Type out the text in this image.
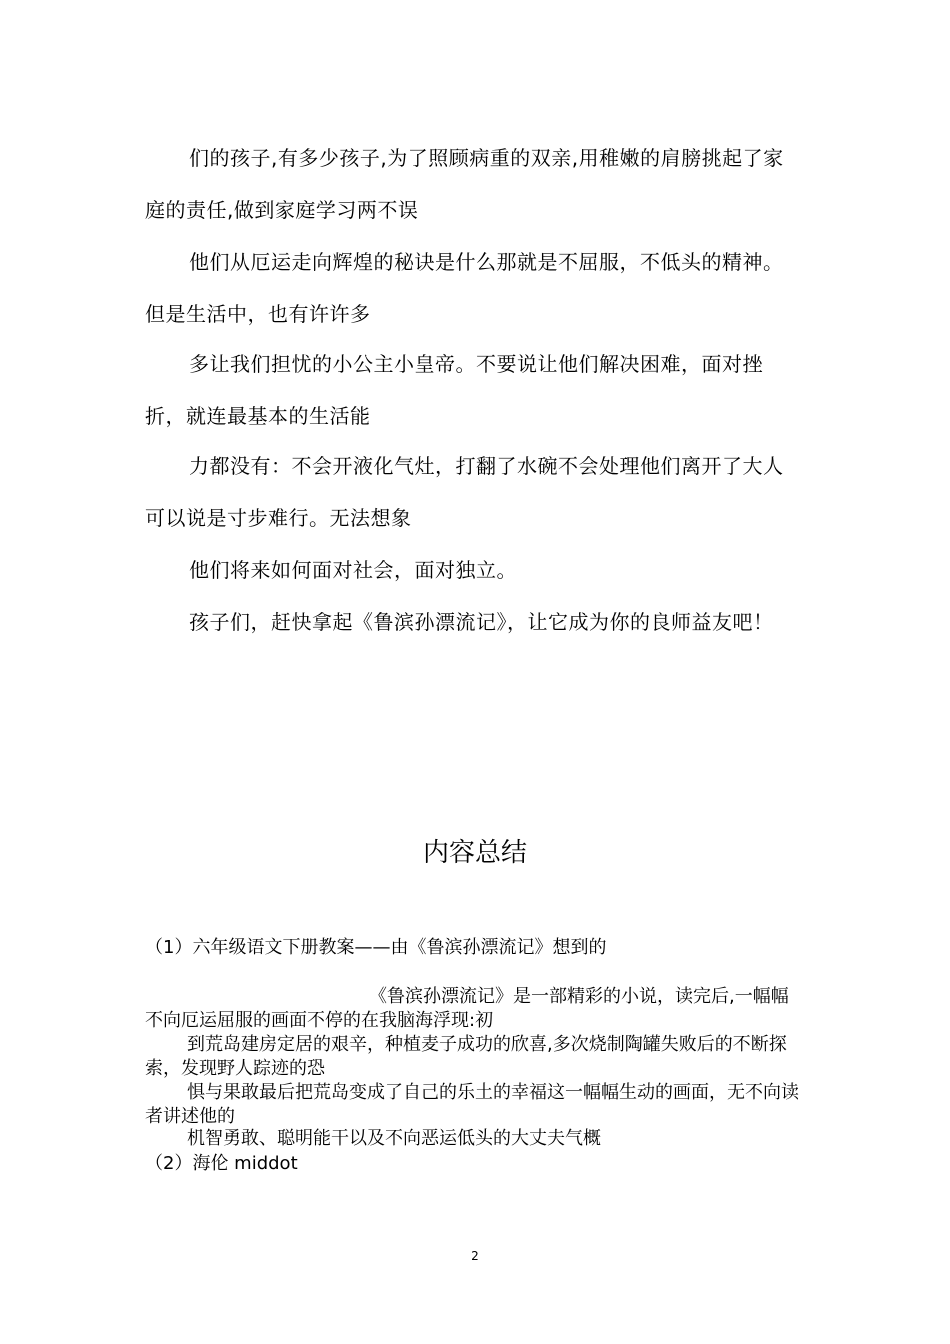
们的孩子,有多少孩子,为了照顾病重的双亲,用稚嫩的肩膀挑起了家庭的责任,做到家庭学习两不误

他们从厄运走向辉煌的秘诀是什么那就是不屈服，不低头的精神。但是生活中，也有许许多

多让我们担忧的小公主小皇帝。不要说让他们解决困难，面对挫折，就连最基本的生活能

力都没有：不会开液化气灶，打翻了水碗不会处理他们离开了大人可以说是寸步难行。无法想象

他们将来如何面对社会，面对独立。

孩子们，赶快拿起《鲁滨孙漂流记》，让它成为你的良师益友吧！

内容总结
（1）六年级语文下册教案——由《鲁滨孙漂流记》想到的
《鲁滨孙漂流记》是一部精彩的小说，读完后,一幅幅不向厄运屈服的画面不停的在我脑海浮现:初
到荒岛建房定居的艰辛，种植麦子成功的欣喜,多次烧制陶罐失败后的不断探索，发现野人踪迹的恐
惧与果敢最后把荒岛变成了自己的乐土的幸福这一幅幅生动的画面，无不向读者讲述他的
机智勇敢、聪明能干以及不向恶运低头的大丈夫气概
（2）海伦 middot
2
